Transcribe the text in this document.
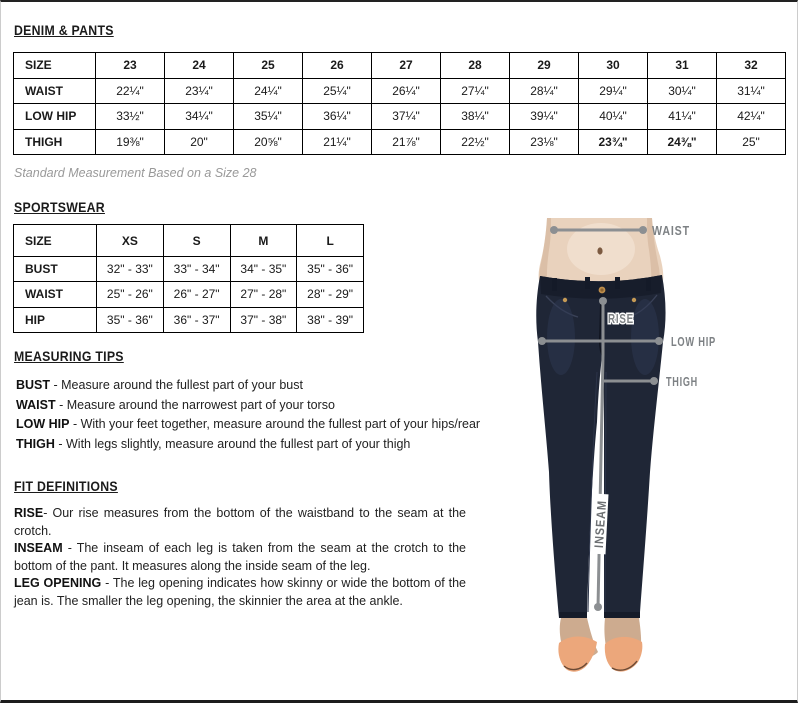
DENIM & PANTS
SIZE	23	24	25	26	27	28	29	30	31	32
WAIST	22¼"	23¼"	24¼"	25¼"	26¼"	27¼"	28¼"	29¼"	30¼"	31¼"
LOW HIP	33½"	34¼"	35¼"	36¼"	37¼"	38¼"	39¼"	40¼"	41¼"	42¼"
THIGH	19⅜"	20"	20⅝"	21¼"	21⅞"	22½"	23⅛"	23¾"	24⅜"	25"

Standard Measurement Based on a Size 28

SPORTSWEAR
SIZE	XS	S	M	L
BUST	32" - 33"	33" - 34"	34" - 35"	35" - 36"
WAIST	25" - 26"	26" - 27"	27" - 28"	28" - 29"
HIP	35" - 36"	36" - 37"	37" - 38"	38" - 39"
MEASURING TIPS
BUST - Measure around the fullest part of your bust
WAIST - Measure around the narrowest part of your torso
LOW HIP - With your feet together, measure around the fullest part of your hips/rear
THIGH - With legs slightly, measure around the fullest part of your thigh
FIT DEFINITIONS

RISE- Our rise measures from the bottom of the waistband to the seam at the crotch.

INSEAM - The inseam of each leg is taken from the seam at the crotch to the bottom of the pant. It measures along the inside seam of the leg.

LEG OPENING - The leg opening indicates how skinny or wide the bottom of the jean is. The smaller the leg opening, the skinnier the area at the ankle.

WAIST
RISE
LOW HIP
THIGH
INSEAM
